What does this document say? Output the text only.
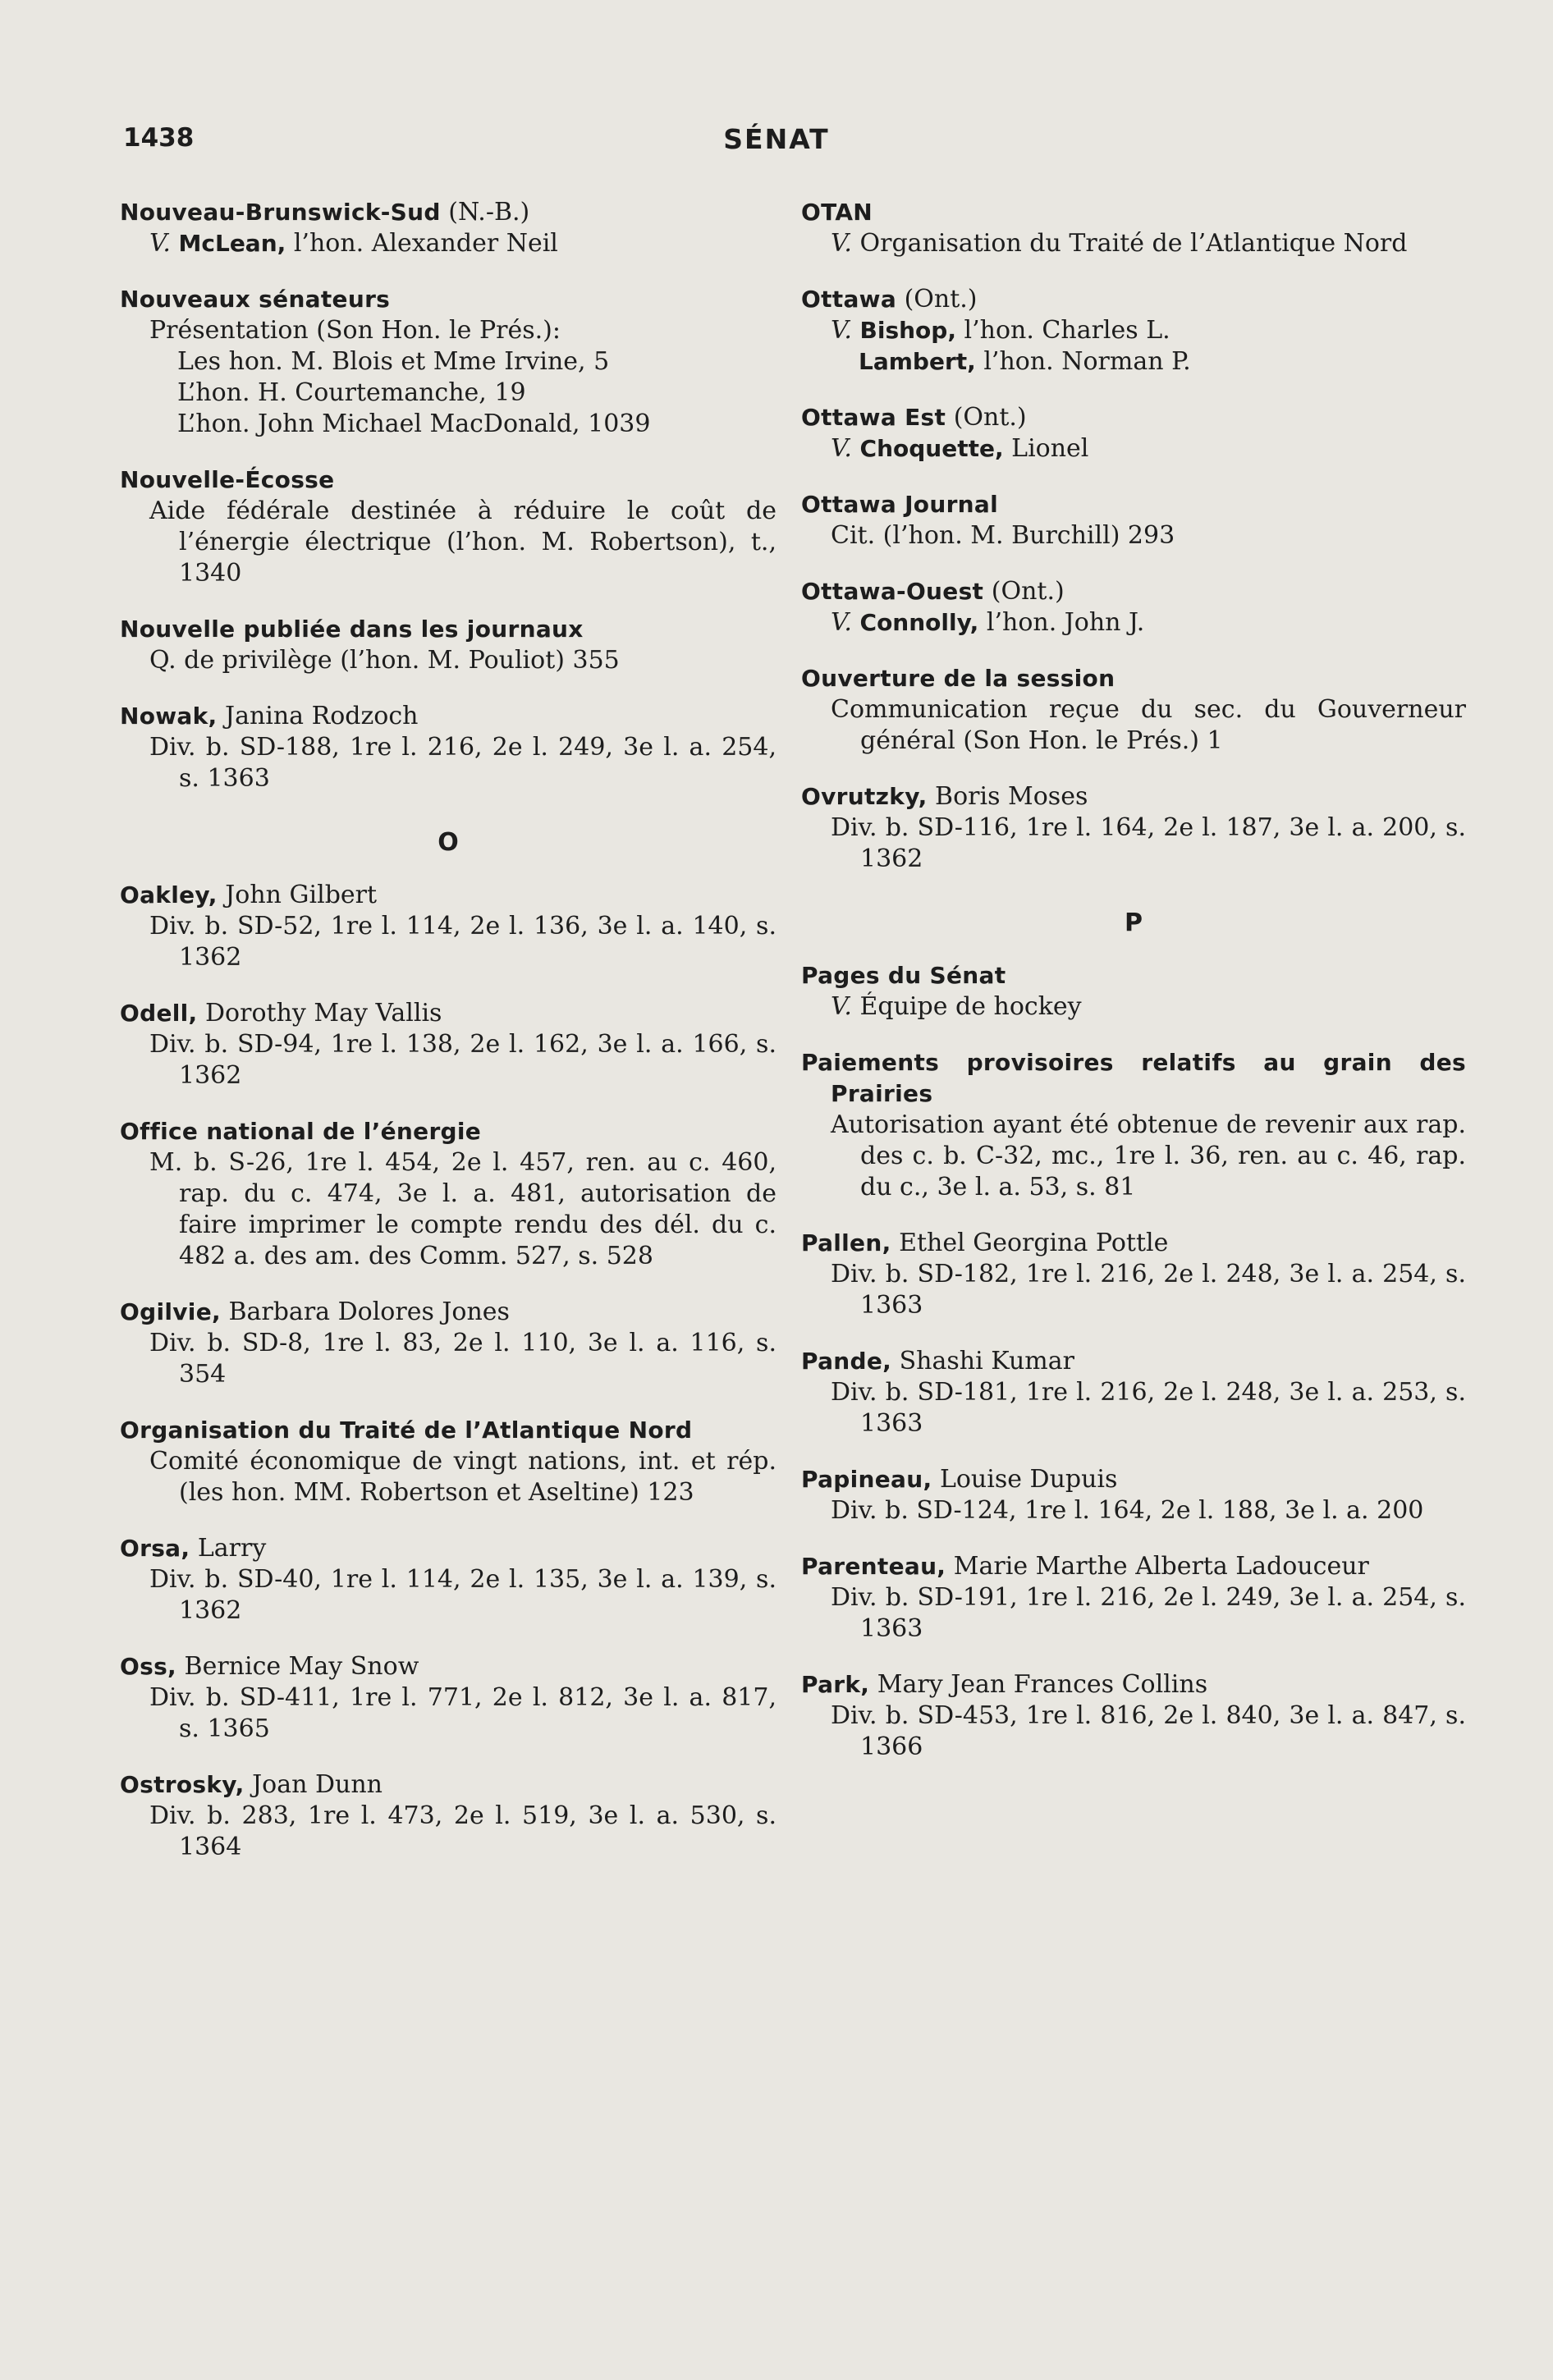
1438	SÉNAT
Nouveau-Brunswick-Sud (N.-B.)
V. McLean, l’hon. Alexander Neil
Nouveaux sénateurs
Présentation (Son Hon. le Prés.):
Les hon. M. Blois et Mme Irvine, 5
L’hon. H. Courtemanche, 19
L’hon. John Michael MacDonald, 1039
Nouvelle-Écosse
Aide fédérale destinée à réduire le coût de l’énergie électrique (l’hon. M. Robertson), t., 1340
Nouvelle publiée dans les journaux
Q. de privilège (l’hon. M. Pouliot) 355
Nowak, Janina Rodzoch
Div. b. SD-188, 1re l. 216, 2e l. 249, 3e l. a. 254, s. 1363
O
Oakley, John Gilbert
Div. b. SD-52, 1re l. 114, 2e l. 136, 3e l. a. 140, s. 1362
Odell, Dorothy May Vallis
Div. b. SD-94, 1re l. 138, 2e l. 162, 3e l. a. 166, s. 1362
Office national de l’énergie
M. b. S-26, 1re l. 454, 2e l. 457, ren. au c. 460, rap. du c. 474, 3e l. a. 481, autorisation de faire imprimer le compte rendu des dél. du c. 482 a. des am. des Comm. 527, s. 528
Ogilvie, Barbara Dolores Jones
Div. b. SD-8, 1re l. 83, 2e l. 110, 3e l. a. 116, s. 354
Organisation du Traité de l’Atlantique Nord
Comité économique de vingt nations, int. et rép. (les hon. MM. Robertson et Aseltine) 123
Orsa, Larry
Div. b. SD-40, 1re l. 114, 2e l. 135, 3e l. a. 139, s. 1362
Oss, Bernice May Snow
Div. b. SD-411, 1re l. 771, 2e l. 812, 3e l. a. 817, s. 1365
Ostrosky, Joan Dunn
Div. b. 283, 1re l. 473, 2e l. 519, 3e l. a. 530, s. 1364
OTAN
V. Organisation du Traité de l’Atlantique Nord
Ottawa (Ont.)
V. Bishop, l’hon. Charles L.
Lambert, l’hon. Norman P.
Ottawa Est (Ont.)
V. Choquette, Lionel
Ottawa Journal
Cit. (l’hon. M. Burchill) 293
Ottawa-Ouest (Ont.)
V. Connolly, l’hon. John J.
Ouverture de la session
Communication reçue du sec. du Gouverneur général (Son Hon. le Prés.) 1
Ovrutzky, Boris Moses
Div. b. SD-116, 1re l. 164, 2e l. 187, 3e l. a. 200, s. 1362
P
Pages du Sénat
V. Équipe de hockey
Paiements provisoires relatifs au grain des Prairies
Autorisation ayant été obtenue de revenir aux rap. des c. b. C-32, mc., 1re l. 36, ren. au c. 46, rap. du c., 3e l. a. 53, s. 81
Pallen, Ethel Georgina Pottle
Div. b. SD-182, 1re l. 216, 2e l. 248, 3e l. a. 254, s. 1363
Pande, Shashi Kumar
Div. b. SD-181, 1re l. 216, 2e l. 248, 3e l. a. 253, s. 1363
Papineau, Louise Dupuis
Div. b. SD-124, 1re l. 164, 2e l. 188, 3e l. a. 200
Parenteau, Marie Marthe Alberta Ladouceur
Div. b. SD-191, 1re l. 216, 2e l. 249, 3e l. a. 254, s. 1363
Park, Mary Jean Frances Collins
Div. b. SD-453, 1re l. 816, 2e l. 840, 3e l. a. 847, s. 1366
